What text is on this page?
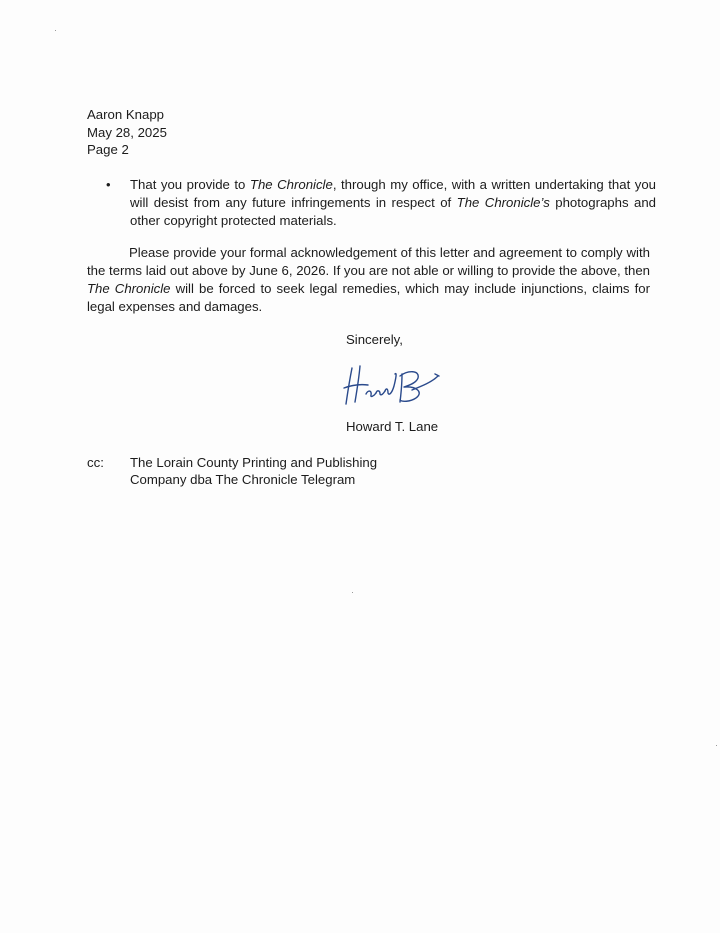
Aaron Knapp
May 28, 2025
Page 2
• That you provide to The Chronicle, through my office, with a written undertaking that you will desist from any future infringements in respect of The Chronicle’s photographs and other copyright protected materials.
Please provide your formal acknowledgement of this letter and agreement to comply with the terms laid out above by June 6, 2026. If you are not able or willing to provide the above, then The Chronicle will be forced to seek legal remedies, which may include injunctions, claims for legal expenses and damages.
Sincerely,
Howard T. Lane
cc: The Lorain County Printing and Publishing
Company dba The Chronicle Telegram
